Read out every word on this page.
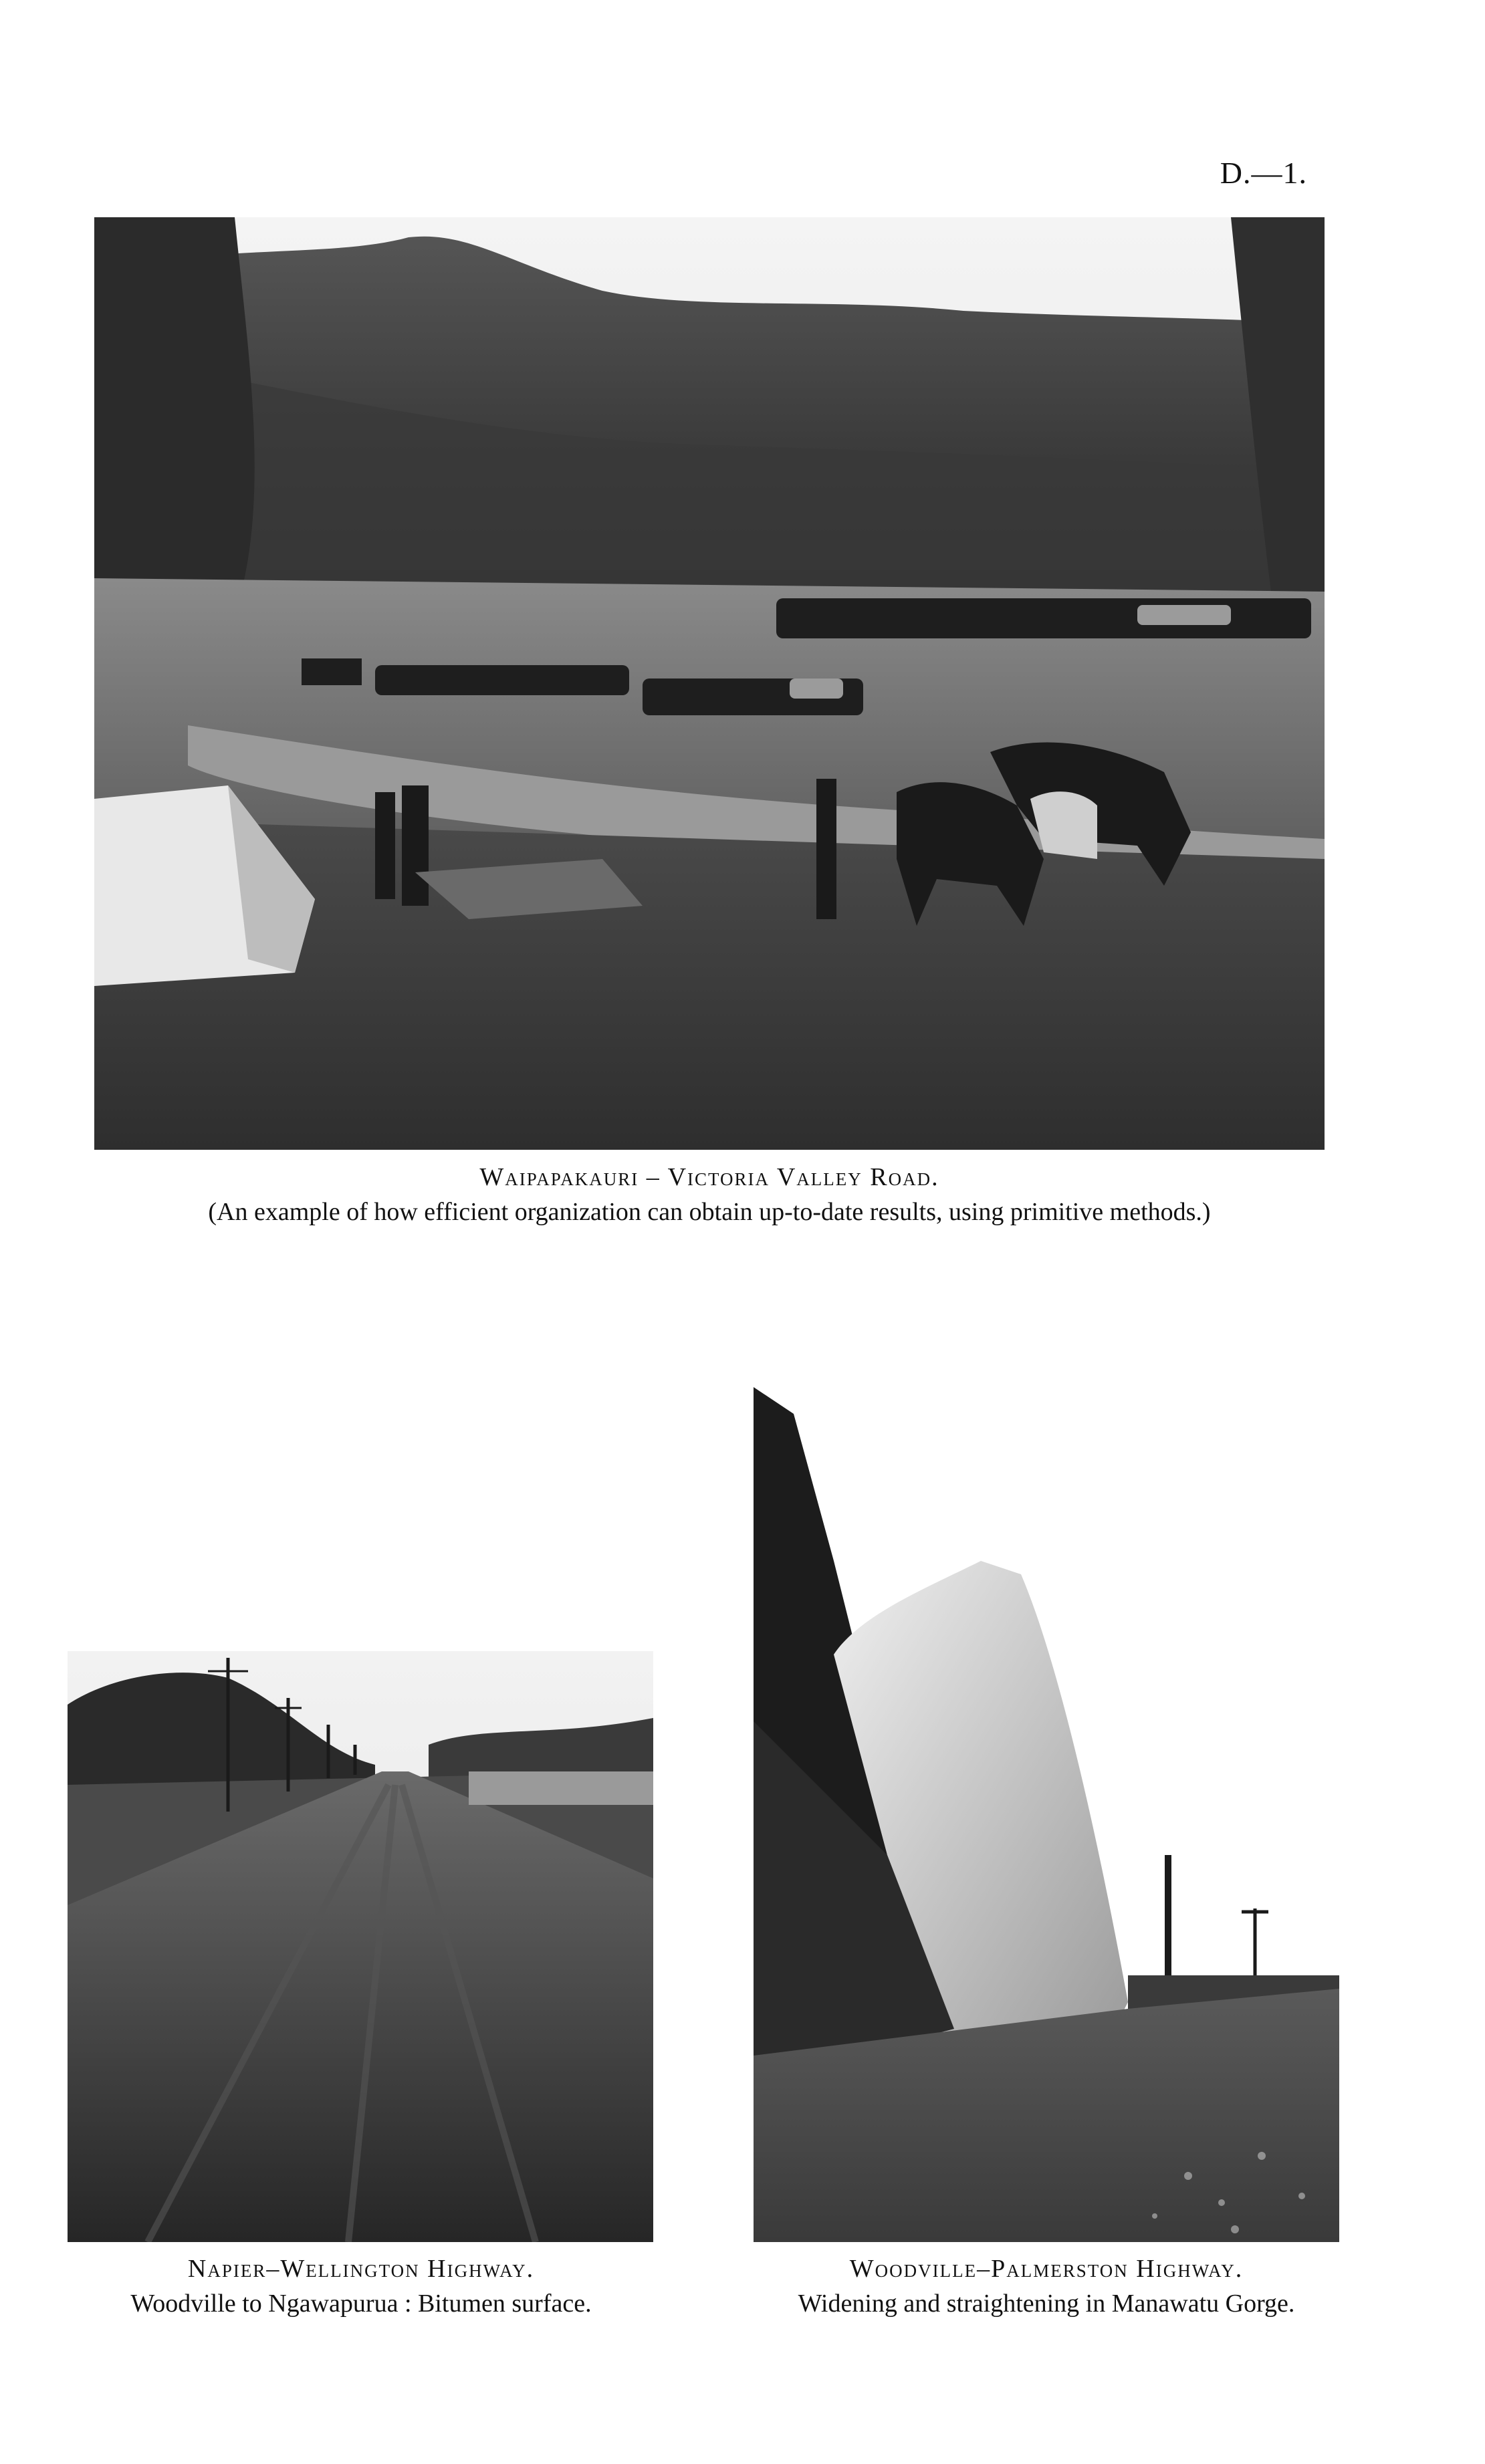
D.—1.
Waipapakauri – Victoria Valley Road.
(An example of how efficient organization can obtain up-to-date results, using primitive methods.)
Napier–Wellington Highway.
Woodville to Ngawapurua : Bitumen surface.
Woodville–Palmerston Highway.
Widening and straightening in Manawatu Gorge.
